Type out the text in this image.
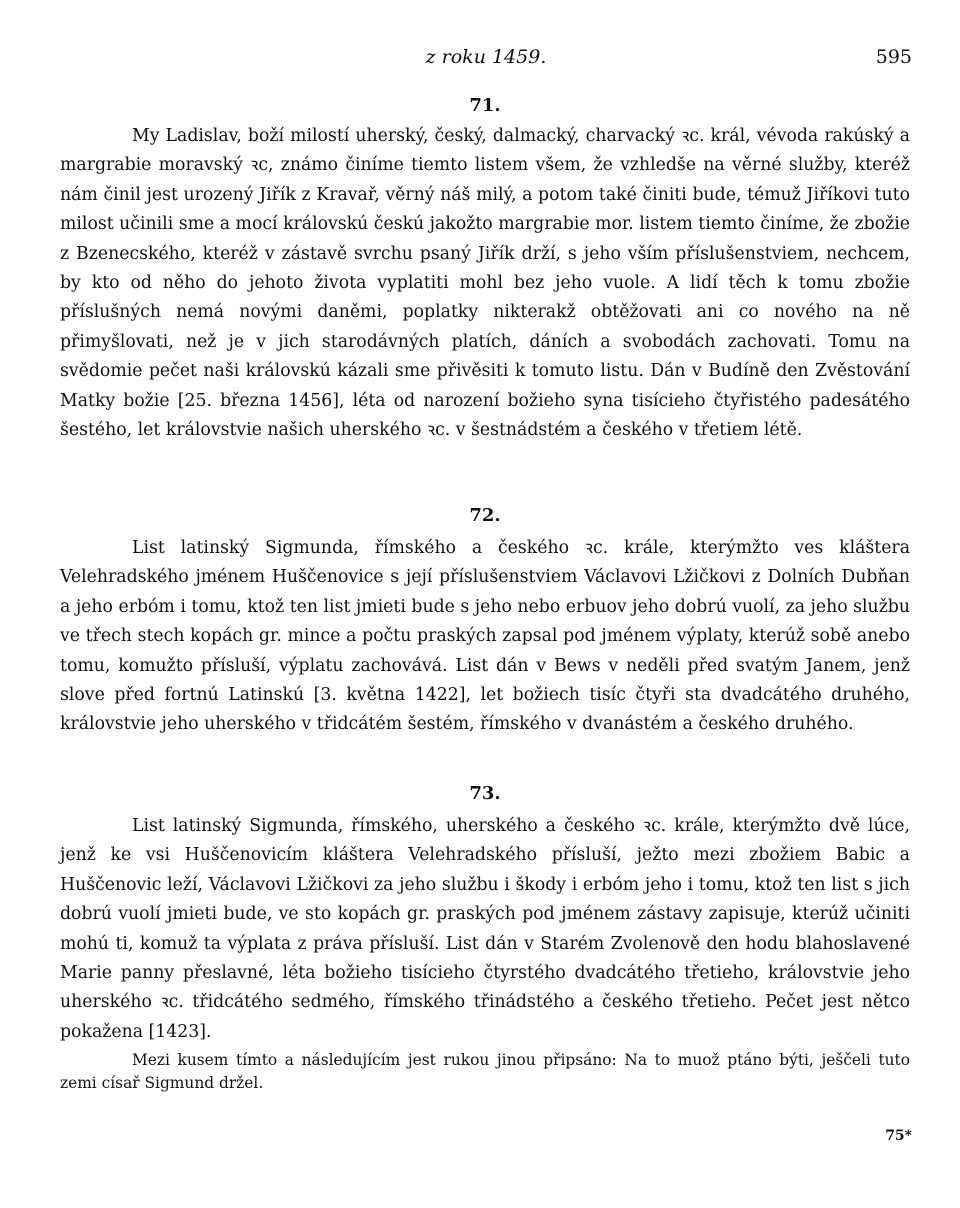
z roku 1459.	595
71.

My Ladislav, boží milostí uherský, český, dalmacký, charvacký ꝛc. král, vévoda rakúský a margrabie moravský ꝛc, známo činíme tiemto listem všem, že vzhledše na věrné služby, kteréž nám činil jest urozený Jiřík z Kravař, věrný náš milý, a potom také činiti bude, témuž Jiříkovi tuto milost učinili sme a mocí královskú českú jakožto margrabie mor. listem tiemto činíme, že zbožie z Bzenecského, kteréž v zástavě svrchu psaný Jiřík drží, s jeho vším příslušenstviem, nechcem, by kto od něho do jehoto života vyplatiti mohl bez jeho vuole. A lidí těch k tomu zbožie příslušných nemá novými daněmi, poplatky nikterakž obtěžovati ani co nového na ně přimyšlovati, než je v jich starodávných platích, dáních a svobodách zachovati. Tomu na svědomie pečet naši královskú kázali sme přivěsiti k tomuto listu. Dán v Budíně den Zvěstování Matky božie [25. března 1456], léta od narození božieho syna tisícieho čtyřistého padesátého šestého, let královstvie našich uherského ꝛc. v šestnádstém a českého v třetiem létě.

72.

List latinský Sigmunda, římského a českého ꝛc. krále, kterýmžto ves kláštera Velehradského jménem Huščenovice s její příslušenstviem Václavovi Lžičkovi z Dolních Dubňan a jeho erbóm i tomu, ktož ten list jmieti bude s jeho nebo erbuov jeho dobrú vuolí, za jeho službu ve třech stech kopách gr. mince a počtu praských zapsal pod jménem výplaty, kterúž sobě anebo tomu, komužto přísluší, výplatu zachovává. List dán v Bews v neděli před svatým Janem, jenž slove před fortnú Latinskú [3. května 1422], let božiech tisíc čtyři sta dvadcátého druhého, královstvie jeho uherského v třidcátém šestém, římského v dvanástém a českého druhého.

73.

List latinský Sigmunda, římského, uherského a českého ꝛc. krále, kterýmžto dvě lúce, jenž ke vsi Huščenovicím kláštera Velehradského přísluší, ježto mezi zbožiem Babic a Huščenovic leží, Václavovi Lžičkovi za jeho službu i škody i erbóm jeho i tomu, ktož ten list s jich dobrú vuolí jmieti bude, ve sto kopách gr. praských pod jménem zástavy zapisuje, kterúž učiniti mohú ti, komuž ta výplata z práva přísluší. List dán v Starém Zvolenově den hodu blahoslavené Marie panny přeslavné, léta božieho tisícieho čtyrstého dvadcátého třetieho, královstvie jeho uherského ꝛc. třidcátého sedmého, římského třinádstého a českého třetieho. Pečet jest nětco pokažena [1423].

Mezi kusem tímto a následujícím jest rukou jinou připsáno: Na to muož ptáno býti, ješčeli tuto zemi císař Sigmund držel.

75*
